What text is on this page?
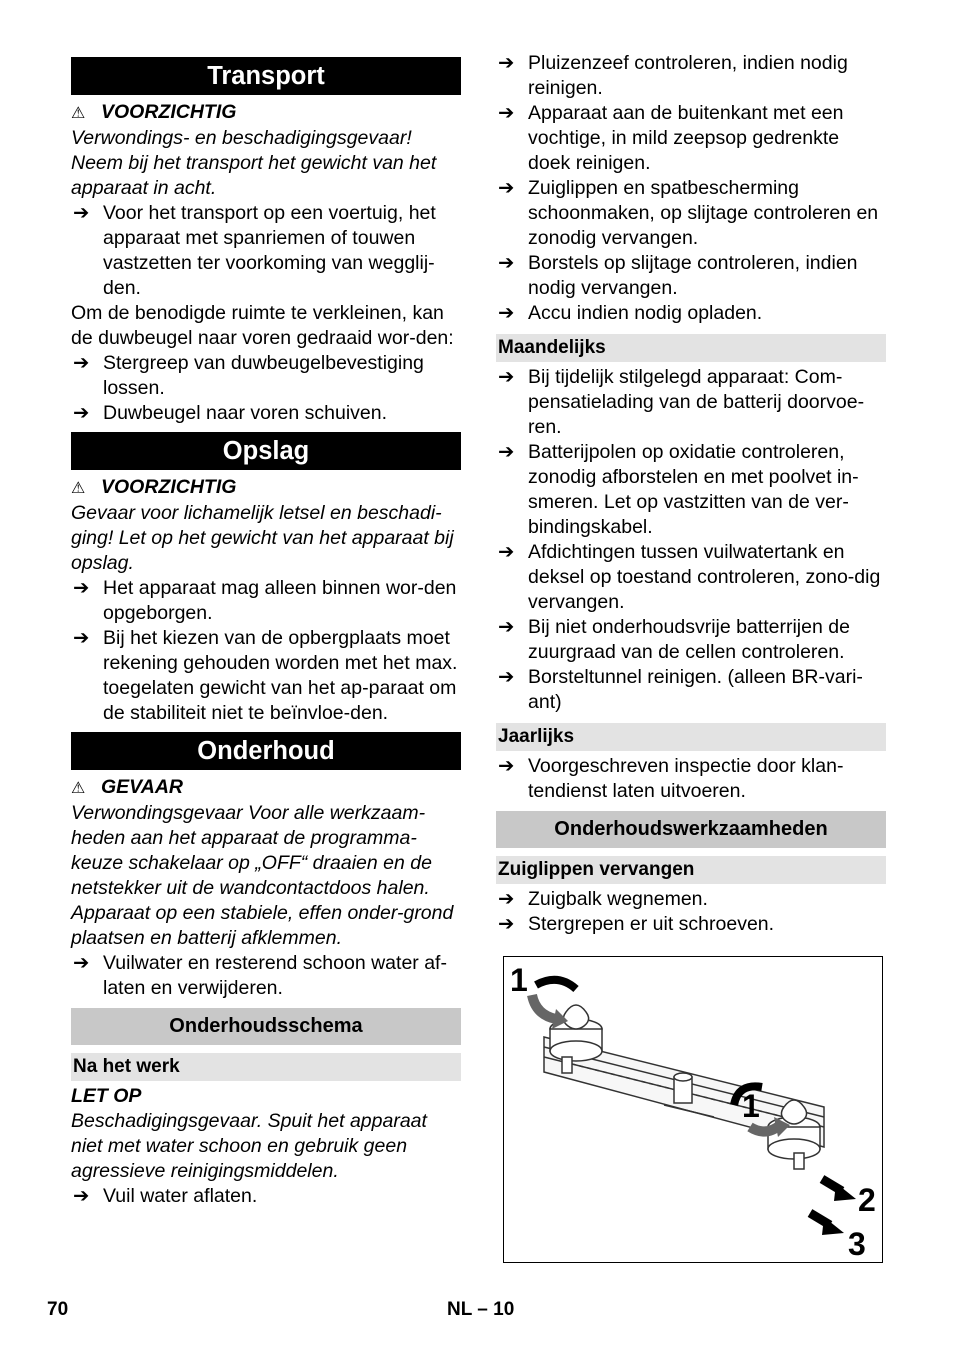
Transport
⚠ VOORZICHTIG
Verwondings- en beschadigingsgevaar! Neem bij het transport het gewicht van het apparaat in acht.
➔ Voor het transport op een voertuig, het apparaat met spanriemen of touwen vastzetten ter voorkoming van wegglij-den.
Om de benodigde ruimte te verkleinen, kan de duwbeugel naar voren gedraaid wor-den:
➔ Stergreep van duwbeugelbevestiging lossen.
➔ Duwbeugel naar voren schuiven.
Opslag
⚠ VOORZICHTIG
Gevaar voor lichamelijk letsel en beschadi-ging! Let op het gewicht van het apparaat bij opslag.
➔ Het apparaat mag alleen binnen wor-den opgeborgen.
➔ Bij het kiezen van de opbergplaats moet rekening gehouden worden met het max. toegelaten gewicht van het ap-paraat om de stabiliteit niet te beïnvloe-den.
Onderhoud
⚠ GEVAAR
Verwondingsgevaar Voor alle werkzaam-heden aan het apparaat de programma-keuze schakelaar op „OFF“ draaien en de netstekker uit de wandcontactdoos halen. Apparaat op een stabiele, effen onder-grond plaatsen en batterij afklemmen.
➔ Vuilwater en resterend schoon water af-laten en verwijderen.
Onderhoudsschema
Na het werk
LET OP
Beschadigingsgevaar. Spuit het apparaat niet met water schoon en gebruik geen agressieve reinigingsmiddelen.
➔ Vuil water aflaten.
➔ Pluizenzeef controleren, indien nodig reinigen.
➔ Apparaat aan de buitenkant met een vochtige, in mild zeepsop gedrenkte doek reinigen.
➔ Zuiglippen en spatbescherming schoonmaken, op slijtage controleren en zonodig vervangen.
➔ Borstels op slijtage controleren, indien nodig vervangen.
➔ Accu indien nodig opladen.
Maandelijks
➔ Bij tijdelijk stilgelegd apparaat: Com-pensatielading van de batterij doorvoe-ren.
➔ Batterijpolen op oxidatie controleren, zonodig afborstelen en met poolvet in-smeren. Let op vastzitten van de ver-bindingskabel.
➔ Afdichtingen tussen vuilwatertank en deksel op toestand controleren, zono-dig vervangen.
➔ Bij niet onderhoudsvrije batterrijen de zuurgraad van de cellen controleren.
➔ Borsteltunnel reinigen. (alleen BR-vari-ant)
Jaarlijks
➔ Voorgeschreven inspectie door klan-tendienst laten uitvoeren.
Onderhoudswerkzaamheden
Zuiglippen vervangen
➔ Zuigbalk wegnemen.
➔ Stergrepen er uit schroeven.
1
1
2
3
70	NL – 10
